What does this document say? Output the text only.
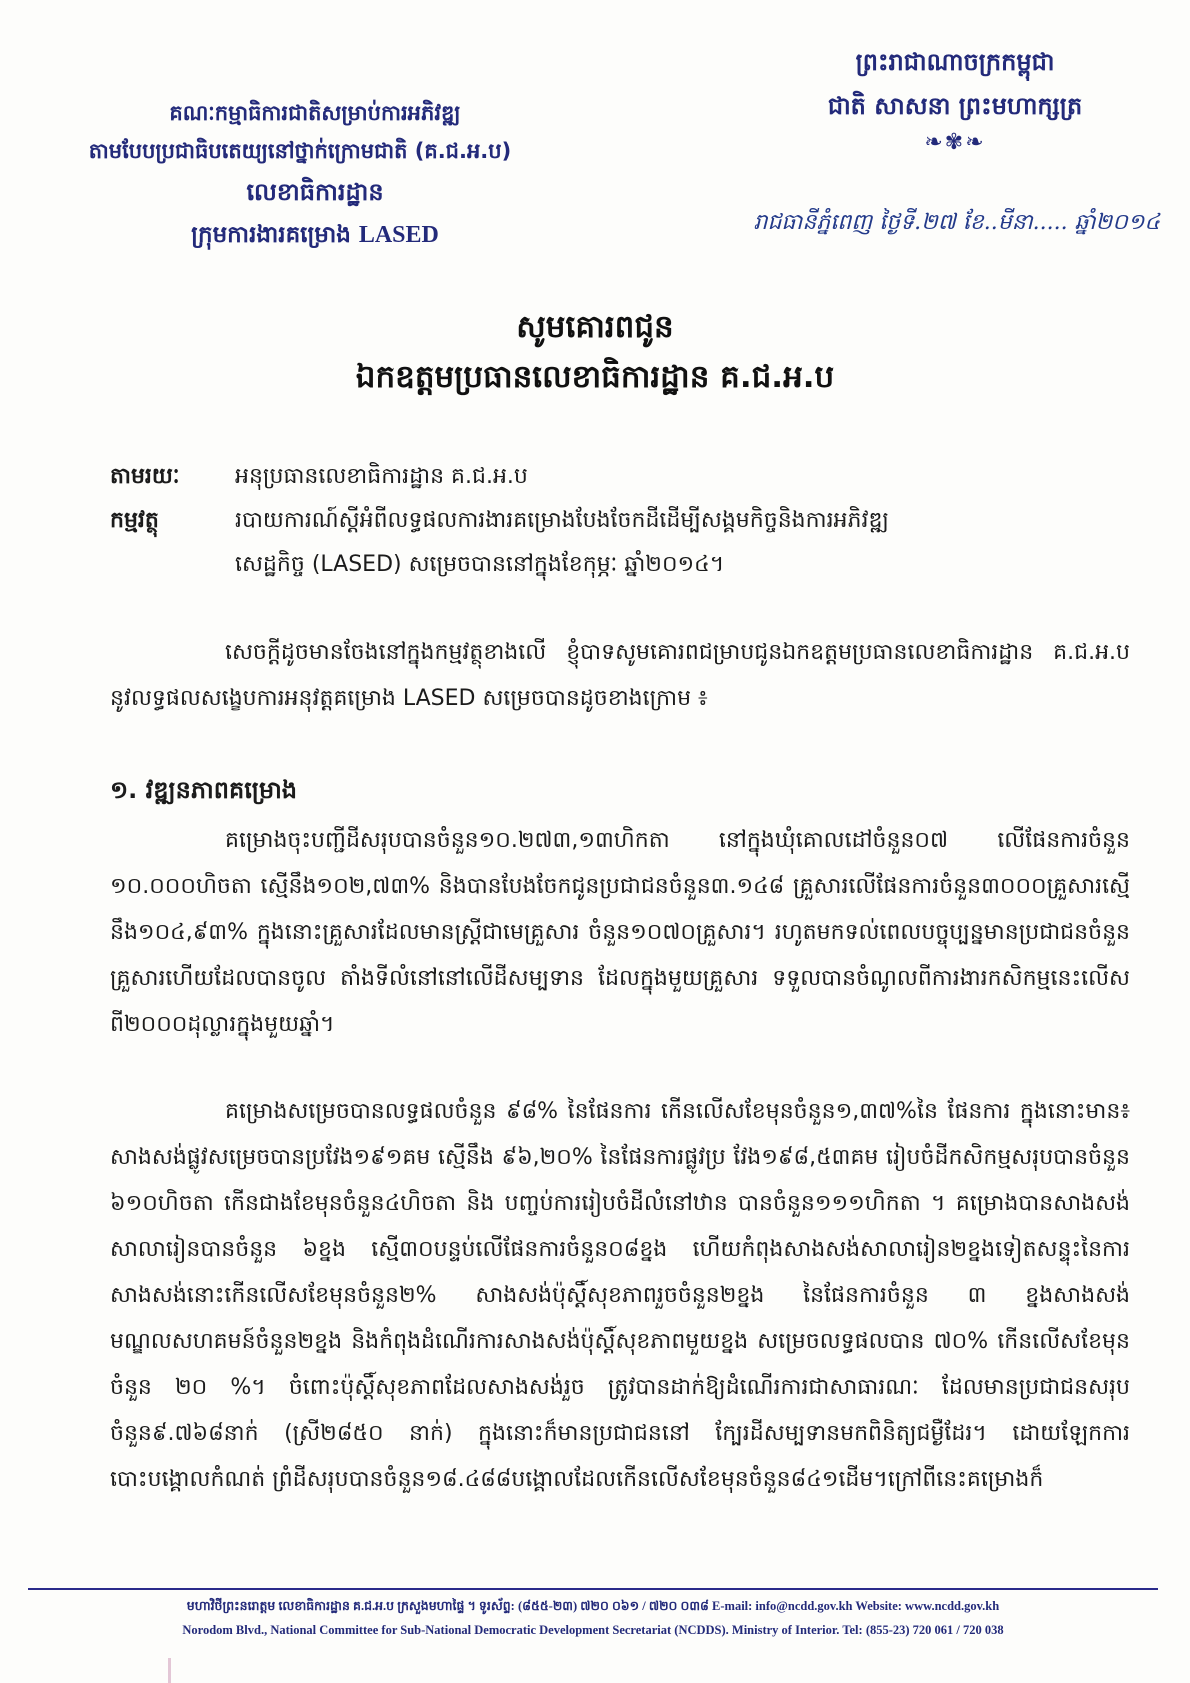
គណៈកម្មាធិការជាតិសម្រាប់ការអភិវឌ្ឍ
តាមបែបប្រជាធិបតេយ្យនៅថ្នាក់ក្រោមជាតិ (គ.ជ.អ.ប)
លេខាធិការដ្ឋាន
ក្រុមការងារគម្រោង LASED
ព្រះរាជាណាចក្រកម្ពុជា
ជាតិ សាសនា ព្រះមហាក្សត្រ
❧✾❧
រាជធានីភ្នំពេញ ថ្ងៃទី.២៧ ខែ..មីនា..... ឆ្នាំ២០១៤
សូមគោរពជូន
ឯកឧត្តមប្រធានលេខាធិការដ្ឋាន គ.ជ.អ.ប
តាមរយៈ	អនុប្រធានលេខាធិការដ្ឋាន គ.ជ.អ.ប
កម្មវត្ថុ	របាយការណ៍ស្តីអំពីលទ្ធផលការងារគម្រោងបែងចែកដីដើម្បីសង្គមកិច្ចនិងការអភិវឌ្ឍ
សេដ្ឋកិច្ច (LASED) សម្រេចបាននៅក្នុងខែកុម្ភៈ ឆ្នាំ២០១៤។
សេចក្តីដូចមានចែងនៅក្នុងកម្មវត្ថុខាងលើ ខ្ញុំបាទសូមគោរពជម្រាបជូនឯកឧត្តមប្រធានលេខាធិការដ្ឋាន គ.ជ.អ.ប នូវលទ្ធផលសង្ខេបការអនុវត្តគម្រោង LASED សម្រេចបានដូចខាងក្រោម ៖
១. វឌ្ឍនភាពគម្រោង
គម្រោងចុះបញ្ជីដីសរុបបានចំនួន១០.២៧៣,១៣ហិកតា នៅក្នុងឃុំគោលដៅចំនួន០៧ លើផែនការចំនួន ១០.០០០ហិចតា ស្មើនឹង១០២,៧៣% និងបានបែងចែកជូនប្រជាជនចំនួន៣.១៤៨ គ្រួសារលើផែនការចំនួន៣០០០គ្រួសារស្មើនឹង១០៤,៩៣% ក្នុងនោះគ្រួសារដែលមានស្ត្រីជាមេគ្រួសារ ចំនួន១០៧០គ្រួសារ។ រហូតមកទល់ពេលបច្ចុប្បន្នមានប្រជាជនចំនួនគ្រួសារហើយដែលបានចូល តាំងទីលំនៅនៅលើដីសម្បទាន ដែលក្នុងមួយគ្រួសារ ទទួលបានចំណូលពីការងារកសិកម្មនេះលើស ពី២០០០ដុល្លារក្នុងមួយឆ្នាំ។
គម្រោងសម្រេចបានលទ្ធផលចំនួន ៩៨% នៃផែនការ កើនលើសខែមុនចំនួន១,៣៧%នៃ ផែនការ ក្នុងនោះមាន៖ សាងសង់ផ្លូវសម្រេចបានប្រវែង១៩១គម ស្មើនឹង ៩៦,២០% នៃផែនការផ្លូវប្រ វែង១៩៨,៥៣គម រៀបចំដីកសិកម្មសរុបបានចំនួន ៦១០ហិចតា កើនជាងខែមុនចំនួន៤ហិចតា និង បញ្ចប់ការរៀបចំដីលំនៅឋាន បានចំនួន១១១ហិកតា ។ គម្រោងបានសាងសង់សាលារៀនបានចំនួន ៦ខ្នង ស្មើ៣០បន្ទប់លើផែនការចំនួន០៨ខ្នង ហើយកំពុងសាងសង់សាលារៀន២ខ្នងទៀតសន្ទុះនៃការ សាងសង់នោះកើនលើសខែមុនចំនួន២% សាងសង់ប៉ុស្តិ៍សុខភាពរួចចំនួន២ខ្នង នៃផែនការចំនួន ៣ ខ្នងសាងសង់មណ្ឌលសហគមន៍ចំនួន២ខ្នង និងកំពុងដំណើរការសាងសង់ប៉ុស្តិ៍សុខភាពមួយខ្នង សម្រេចលទ្ធផលបាន ៧០% កើនលើសខែមុនចំនួន ២០ %។ ចំពោះប៉ុស្តិ៍សុខភាពដែលសាងសង់រួច ត្រូវបានដាក់ឱ្យដំណើរការជាសាធារណៈ ដែលមានប្រជាជនសរុបចំនួន៩.៧៦៨នាក់ (ស្រី២៨៥០ នាក់) ក្នុងនោះក៏មានប្រជាជននៅ ក្បែរដីសម្បទានមកពិនិត្យជម្ងឺដែរ។ ដោយឡែកការ បោះបង្គោលកំណត់ ព្រំដីសរុបបានចំនួន១៨.៤៨៨បង្គោលដែលកើនលើសខែមុនចំនួន៨៤១ដើម។ក្រៅពីនេះគម្រោងក៏
មហាវិថីព្រះនរោត្តម លេខាធិការដ្ឋាន គ.ជ.អ.ប ក្រសួងមហាផ្ទៃ ។ ទូរស័ព្ទ: (៨៥៥-២៣) ៧២០ ០៦១ / ៧២០ ០៣៨ E-mail: info@ncdd.gov.kh Website: www.ncdd.gov.kh
Norodom Blvd., National Committee for Sub-National Democratic Development Secretariat (NCDDS). Ministry of Interior. Tel: (855-23) 720 061 / 720 038
